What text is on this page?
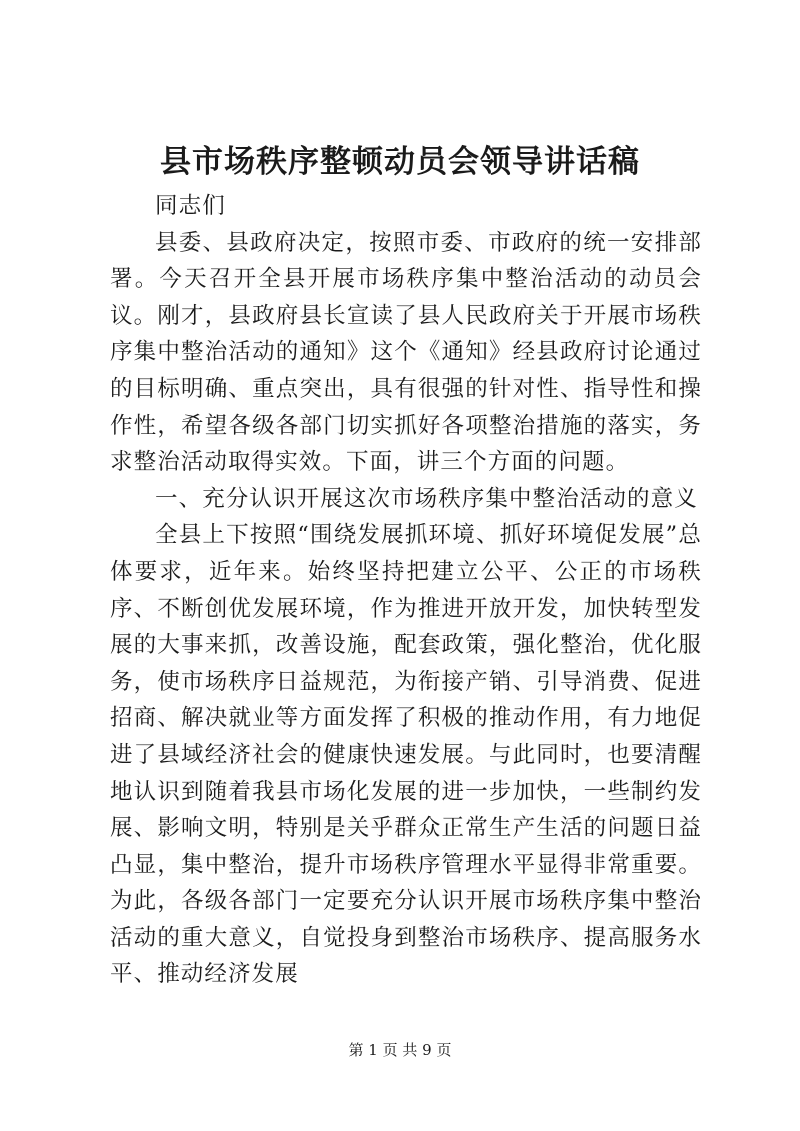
县市场秩序整顿动员会领导讲话稿

同志们

县委、县政府决定，按照市委、市政府的统一安排部署。今天召开全县开展市场秩序集中整治活动的动员会议。刚才，县政府县长宣读了县人民政府关于开展市场秩序集中整治活动的通知》这个《通知》经县政府讨论通过的目标明确、重点突出，具有很强的针对性、指导性和操作性，希望各级各部门切实抓好各项整治措施的落实，务求整治活动取得实效。下面，讲三个方面的问题。

一、充分认识开展这次市场秩序集中整治活动的意义

全县上下按照“围绕发展抓环境、抓好环境促发展”总体要求，近年来。始终坚持把建立公平、公正的市场秩序、不断创优发展环境，作为推进开放开发，加快转型发展的大事来抓，改善设施，配套政策，强化整治，优化服务，使市场秩序日益规范，为衔接产销、引导消费、促进招商、解决就业等方面发挥了积极的推动作用，有力地促进了县域经济社会的健康快速发展。与此同时，也要清醒地认识到随着我县市场化发展的进一步加快，一些制约发展、影响文明，特别是关乎群众正常生产生活的问题日益凸显，集中整治，提升市场秩序管理水平显得非常重要。为此，各级各部门一定要充分认识开展市场秩序集中整治活动的重大意义，自觉投身到整治市场秩序、提高服务水平、推动经济发展

第 1 页 共 9 页
